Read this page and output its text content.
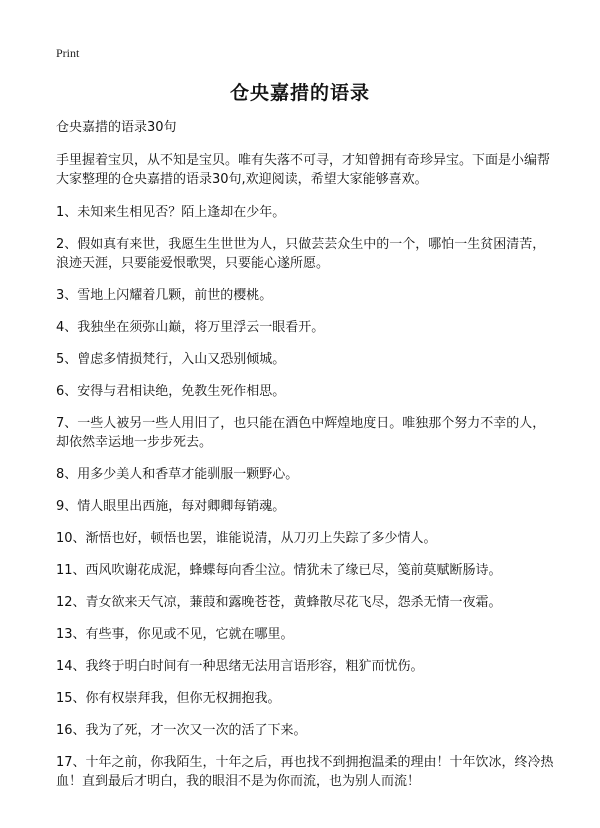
Print
仓央嘉措的语录

仓央嘉措的语录30句

手里握着宝贝，从不知是宝贝。唯有失落不可寻，才知曾拥有奇珍异宝。下面是小编帮大家整理的仓央嘉措的语录30句,欢迎阅读，希望大家能够喜欢。

1、未知来生相见否？陌上逢却在少年。
2、假如真有来世，我愿生生世世为人，只做芸芸众生中的一个，哪怕一生贫困清苦，浪迹天涯，只要能爱恨歌哭，只要能心遂所愿。
3、雪地上闪耀着几颗，前世的樱桃。
4、我独坐在须弥山巅，将万里浮云一眼看开。
5、曾虑多情损梵行，入山又恐别倾城。
6、安得与君相诀绝，免教生死作相思。
7、一些人被另一些人用旧了，也只能在酒色中辉煌地度日。唯独那个努力不幸的人，却依然幸运地一步步死去。
8、用多少美人和香草才能驯服一颗野心。
9、情人眼里出西施，每对卿卿每销魂。
10、渐悟也好，顿悟也罢，谁能说清，从刀刃上失踪了多少情人。
11、西风吹谢花成泥，蜂蝶每向香尘泣。情犹未了缘已尽，笺前莫赋断肠诗。
12、青女欲来天气凉，蒹葭和露晚苍苍，黄蜂散尽花飞尽，怨杀无情一夜霜。
13、有些事，你见或不见，它就在哪里。
14、我终于明白时间有一种思绪无法用言语形容，粗犷而忧伤。
15、你有权崇拜我，但你无权拥抱我。
16、我为了死，才一次又一次的活了下来。
17、十年之前，你我陌生，十年之后，再也找不到拥抱温柔的理由！十年饮冰，终冷热血！直到最后才明白，我的眼泪不是为你而流，也为别人而流！
